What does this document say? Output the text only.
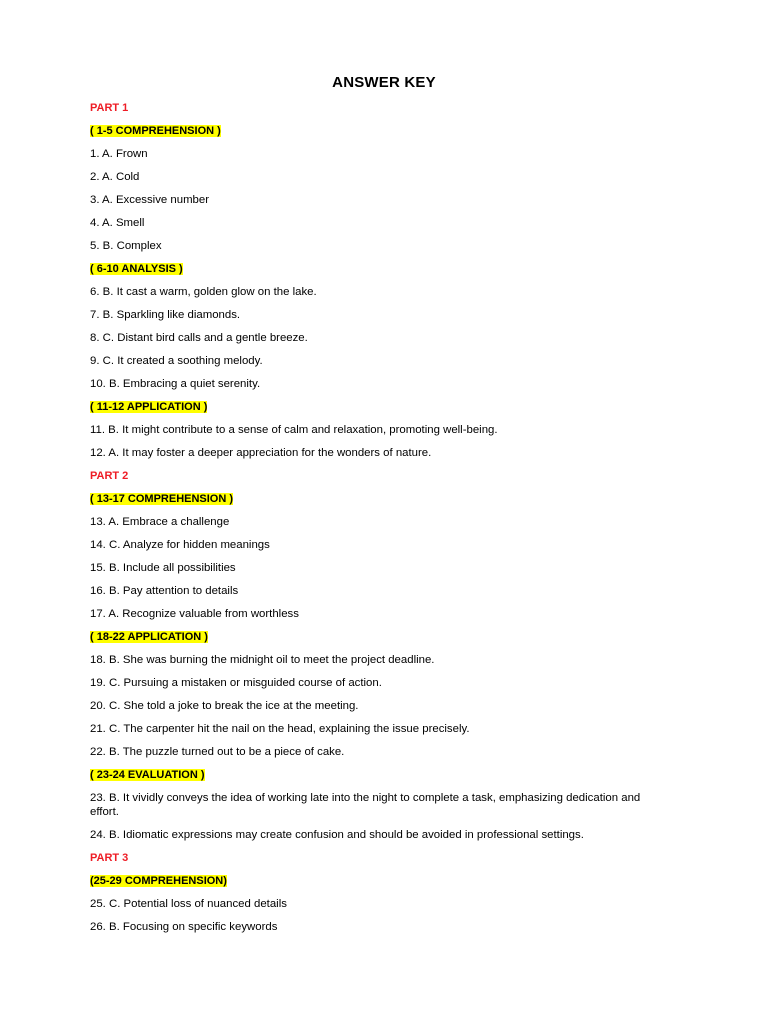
ANSWER KEY
PART 1
( 1-5 COMPREHENSION )
1. A. Frown
2. A. Cold
3. A. Excessive number
4. A. Smell
5. B. Complex
( 6-10 ANALYSIS )
6. B. It cast a warm, golden glow on the lake.
7. B. Sparkling like diamonds.
8. C. Distant bird calls and a gentle breeze.
9. C. It created a soothing melody.
10. B. Embracing a quiet serenity.
( 11-12 APPLICATION )
11. B. It might contribute to a sense of calm and relaxation, promoting well-being.
12. A. It may foster a deeper appreciation for the wonders of nature.
PART 2
( 13-17 COMPREHENSION )
13. A. Embrace a challenge
14. C. Analyze for hidden meanings
15. B. Include all possibilities
16. B. Pay attention to details
17. A. Recognize valuable from worthless
( 18-22 APPLICATION )
18. B. She was burning the midnight oil to meet the project deadline.
19. C. Pursuing a mistaken or misguided course of action.
20. C. She told a joke to break the ice at the meeting.
21. C. The carpenter hit the nail on the head, explaining the issue precisely.
22. B. The puzzle turned out to be a piece of cake.
( 23-24 EVALUATION )
23. B. It vividly conveys the idea of working late into the night to complete a task, emphasizing dedication and effort.
24. B. Idiomatic expressions may create confusion and should be avoided in professional settings.
PART 3
(25-29 COMPREHENSION)
25. C. Potential loss of nuanced details
26. B. Focusing on specific keywords
